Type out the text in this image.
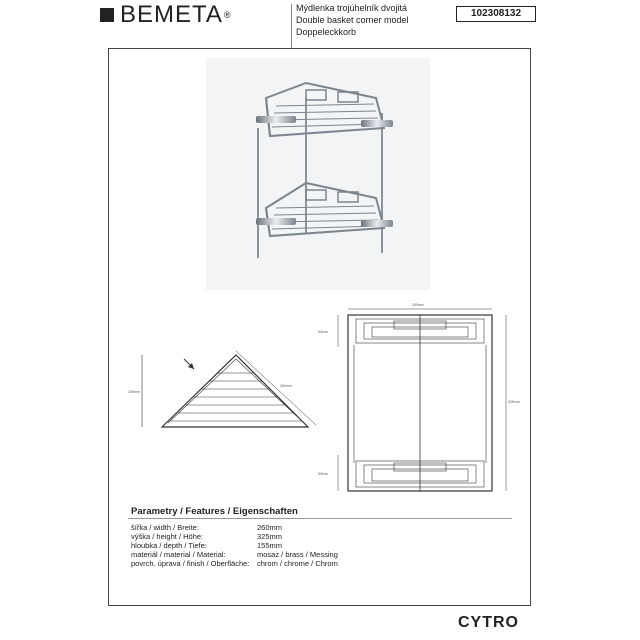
BEMETA ®
Mýdlenka trojúhelník dvojitá
Double basket corner model
Doppeleckkorb
102308132
155mm
260mm
260mm
325mm
53mm
53mm
Parametry / Features / Eigenschaften
šířka / width / Breite:	260mm
výška / height / Höhe:	325mm
hloubka / depth / Tiefe:	155mm
materiál / material / Material:	mosaz / brass / Messing
povrch. úprava / finish / Oberfläche:	chrom / chrome / Chrom
CYTRO
